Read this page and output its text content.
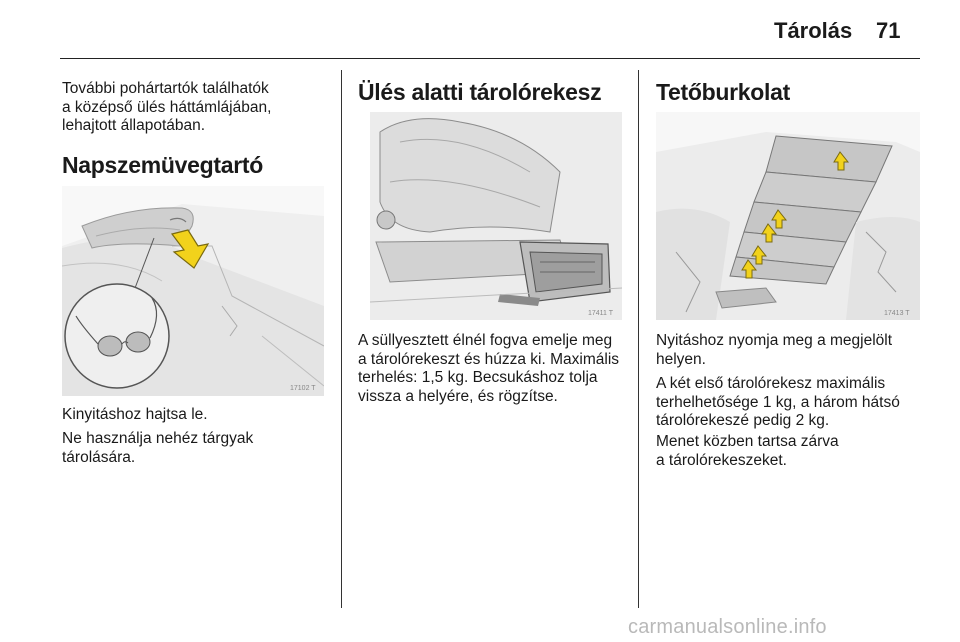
Tárolás 71
További pohártartók találhatók
a középső ülés háttámlájában,
lehajtott állapotában.
Napszemüvegtartó
17102 T
Kinyitáshoz hajtsa le.
Ne használja nehéz tárgyak
tárolására.
Ülés alatti tárolórekesz
17411 T
A süllyesztett élnél fogva emelje meg
a tárolórekeszt és húzza ki. Maximális
terhelés: 1,5 kg. Becsukáshoz tolja
vissza a helyére, és rögzítse.
Tetőburkolat
17413 T
Nyitáshoz nyomja meg a megjelölt
helyen.
A két első tárolórekesz maximális
terhelhetősége 1 kg, a három hátsó
tárolórekeszé pedig 2 kg.
Menet közben tartsa zárva
a tárolórekeszeket.
carmanualsonline.info
